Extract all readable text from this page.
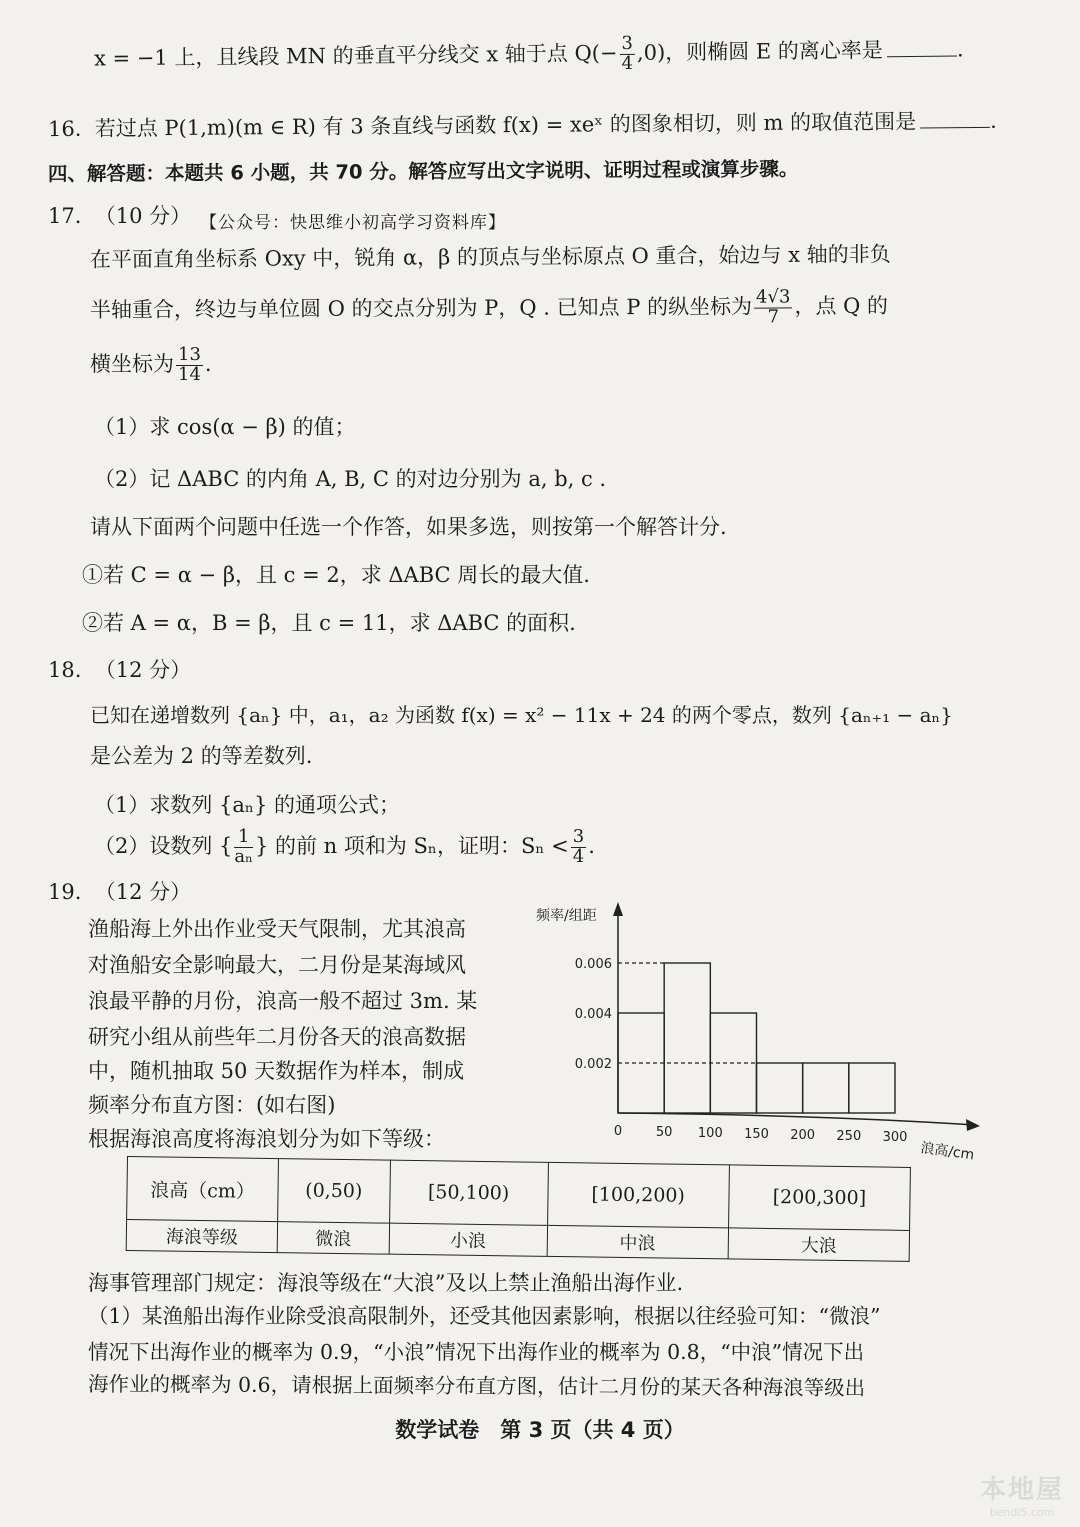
x = −1 上，且线段 MN 的垂直平分线交 x 轴于点 $Q(- \frac{3}{4} ,0)$，则椭圆 E 的离心率是	.
16. 若过点 P(1,m)(m ∈ R) 有 3 条直线与函数 f(x) = xeˣ 的图象相切，则 m 的取值范围是	.
四、解答题：本题共 6 小题，共 70 分。解答应写出文字说明、证明过程或演算步骤。
17. （10 分） 【公众号：快思维小初高学习资料库】
在平面直角坐标系 Oxy 中，锐角 α，β 的顶点与坐标原点 O 重合，始边与 x 轴的非负
半轴重合，终边与单位圆 O 的交点分别为 P，Q . 已知点 P 的纵坐标为 $\frac{4√3}{7}$ ，点 Q 的
横坐标为 $\frac{13}{14}$ .
（1）求 cos(α − β) 的值；
（2）记 ΔABC 的内角 A, B, C 的对边分别为 a, b, c .
请从下面两个问题中任选一个作答，如果多选，则按第一个解答计分.
①若 C = α − β，且 c = 2，求 ΔABC 周长的最大值.
②若 A = α，B = β，且 c = 11，求 ΔABC 的面积.
18. （12 分）
已知在递增数列 {aₙ} 中，a₁，a₂ 为函数 f(x) = x² − 11x + 24 的两个零点，数列 {aₙ₊₁ − aₙ}
是公差为 2 的等差数列.
（1）求数列 {aₙ} 的通项公式；
（2）设数列 { $\frac{1}{\text{aₙ}}$ } 的前 n 项和为 Sₙ，证明：$S_n < \frac{3}{4}$ .
19. （12 分）
渔船海上外出作业受天气限制，尤其浪高
对渔船安全影响最大，二月份是某海域风
浪最平静的月份，浪高一般不超过 3m. 某
研究小组从前些年二月份各天的浪高数据
中，随机抽取 50 天数据作为样本，制成
频率分布直方图：(如右图)
根据海浪高度将海浪划分为如下等级：
0.002
0.004
0.006
0	50 100 150 200 250 300
频率/组距
浪高/cm
浪高（cm）	(0,50)	[50,100)	[100,200)	[200,300]
海浪等级	微浪	小浪	中浪	大浪
海事管理部门规定：海浪等级在“大浪”及以上禁止渔船出海作业.
（1）某渔船出海作业除受浪高限制外，还受其他因素影响，根据以往经验可知：“微浪”
情况下出海作业的概率为 0.9，“小浪”情况下出海作业的概率为 0.8，“中浪”情况下出
海作业的概率为 0.6，请根据上面频率分布直方图，估计二月份的某天各种海浪等级出
数学试卷　第 3 页（共 4 页）
本地屋
bendi5.com
